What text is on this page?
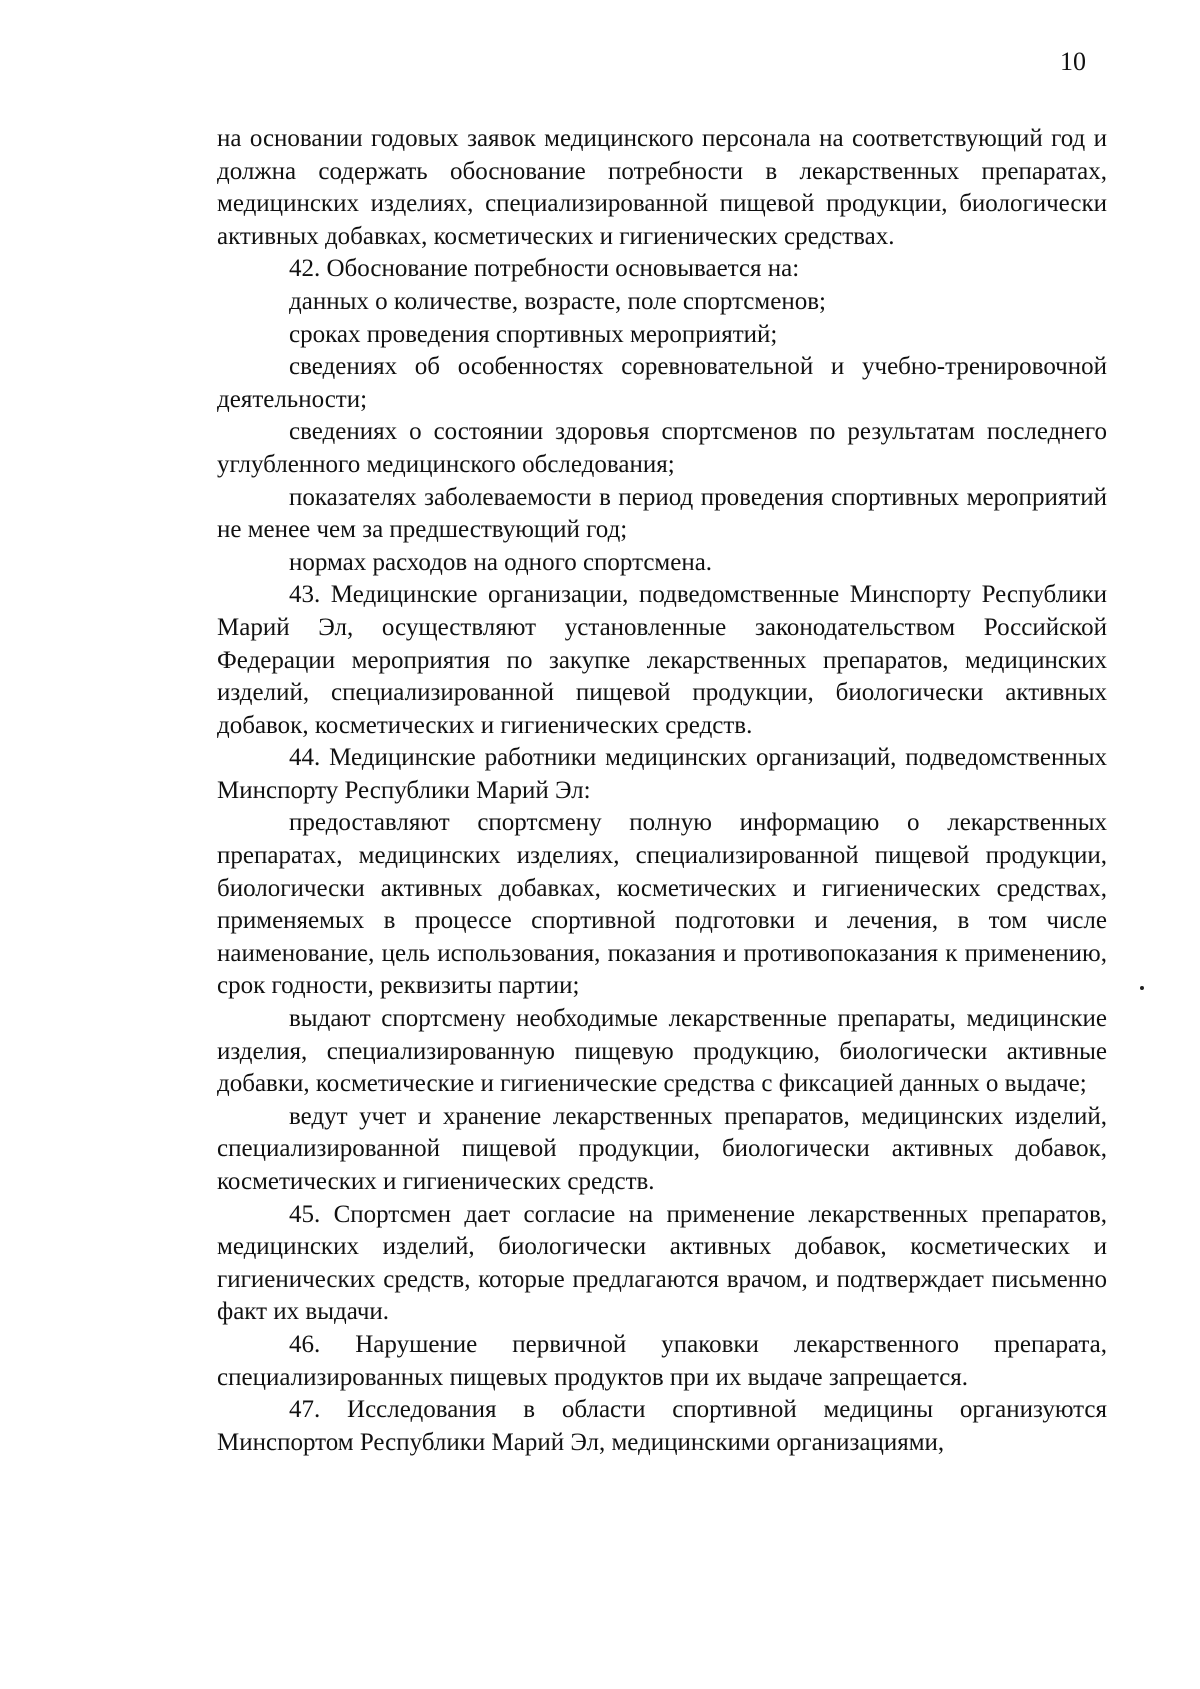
10

на основании годовых заявок медицинского персонала на соответствующий год и должна содержать обоснование потребности в лекарственных препаратах, медицинских изделиях, специализированной пищевой продукции, биологически активных добавках, косметических и гигиенических средствах.

42. Обоснование потребности основывается на:

данных о количестве, возрасте, поле спортсменов;

сроках проведения спортивных мероприятий;

сведениях об особенностях соревновательной и учебно-тренировочной деятельности;

сведениях о состоянии здоровья спортсменов по результатам последнего углубленного медицинского обследования;

показателях заболеваемости в период проведения спортивных мероприятий не менее чем за предшествующий год;

нормах расходов на одного спортсмена.

43. Медицинские организации, подведомственные Минспорту Республики Марий Эл, осуществляют установленные законодательством Российской Федерации мероприятия по закупке лекарственных препаратов, медицинских изделий, специализированной пищевой продукции, биологически активных добавок, косметических и гигиенических средств.

44. Медицинские работники медицинских организаций, подведомственных Минспорту Республики Марий Эл:

предоставляют спортсмену полную информацию о лекарственных препаратах, медицинских изделиях, специализированной пищевой продукции, биологически активных добавках, косметических и гигиенических средствах, применяемых в процессе спортивной подготовки и лечения, в том числе наименование, цель использования, показания и противопоказания к применению, срок годности, реквизиты партии;

выдают спортсмену необходимые лекарственные препараты, медицинские изделия, специализированную пищевую продукцию, биологически активные добавки, косметические и гигиенические средства с фиксацией данных о выдаче;

ведут учет и хранение лекарственных препаратов, медицинских изделий, специализированной пищевой продукции, биологически активных добавок, косметических и гигиенических средств.

45. Спортсмен дает согласие на применение лекарственных препаратов, медицинских изделий, биологически активных добавок, косметических и гигиенических средств, которые предлагаются врачом, и подтверждает письменно факт их выдачи.

46. Нарушение первичной упаковки лекарственного препарата, специализированных пищевых продуктов при их выдаче запрещается.

47. Исследования в области спортивной медицины организуются Минспортом Республики Марий Эл, медицинскими организациями,
